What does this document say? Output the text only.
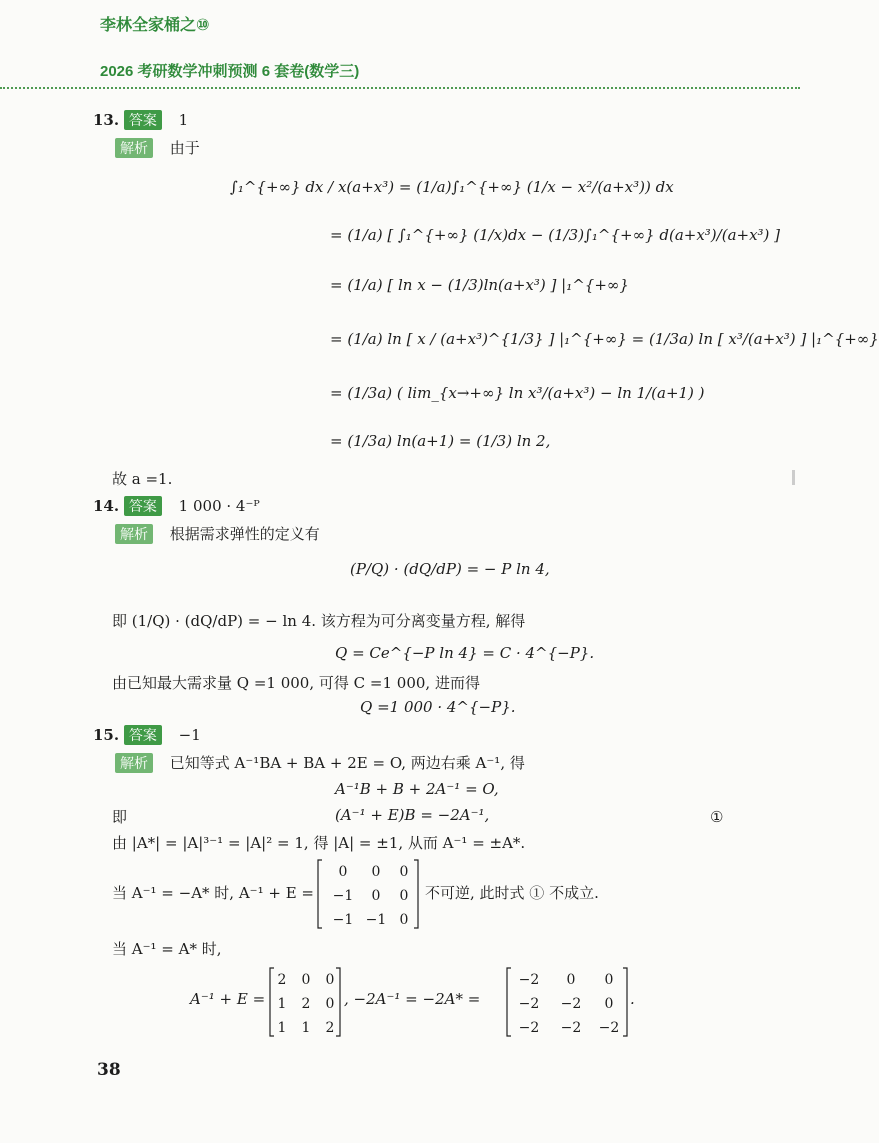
李林全家桶之⑩
2026 考研数学冲刺预测 6 套卷(数学三)
13. 答案 1
解析 由于
∫₁^{+∞} dx / x(a+x³) = (1/a)∫₁^{+∞} (1/x − x²/(a+x³)) dx
= (1/a) [ ∫₁^{+∞} (1/x)dx − (1/3)∫₁^{+∞} d(a+x³)/(a+x³) ]
= (1/a) [ ln x − (1/3)ln(a+x³) ] |₁^{+∞}
= (1/a) ln [ x / (a+x³)^{1/3} ] |₁^{+∞} = (1/3a) ln [ x³/(a+x³) ] |₁^{+∞}
= (1/3a) ( lim_{x→+∞} ln x³/(a+x³) − ln 1/(a+1) )
= (1/3a) ln(a+1) = (1/3) ln 2,
故 a =1.
14. 答案 1 000 · 4⁻ᴾ
解析 根据需求弹性的定义有
(P/Q) · (dQ/dP) = − P ln 4,
即 (1/Q) · (dQ/dP) = − ln 4. 该方程为可分离变量方程, 解得
Q = Ce^{−P ln 4} = C · 4^{−P}.
由已知最大需求量 Q =1 000, 可得 C =1 000, 进而得
Q =1 000 · 4^{−P}.
15. 答案 −1
解析 已知等式 A⁻¹BA + BA + 2E = O, 两边右乘 A⁻¹, 得
A⁻¹B + B + 2A⁻¹ = O,
即	(A⁻¹ + E)B = −2A⁻¹,	①
由 |A*| = |A|³⁻¹ = |A|² = 1, 得 |A| = ±1, 从而 A⁻¹ = ±A*.
当 A⁻¹ = −A* 时, A⁻¹ + E =
0 0 0
−1 0 0
−1 −1 0
不可逆, 此时式 ① 不成立.
当 A⁻¹ = A* 时,
A⁻¹ + E =
2 0 0
1 2 0
1 1 2
, −2A⁻¹ = −2A* =
−2 0 0
−2 −2 0
−2 −2 −2
.
38
